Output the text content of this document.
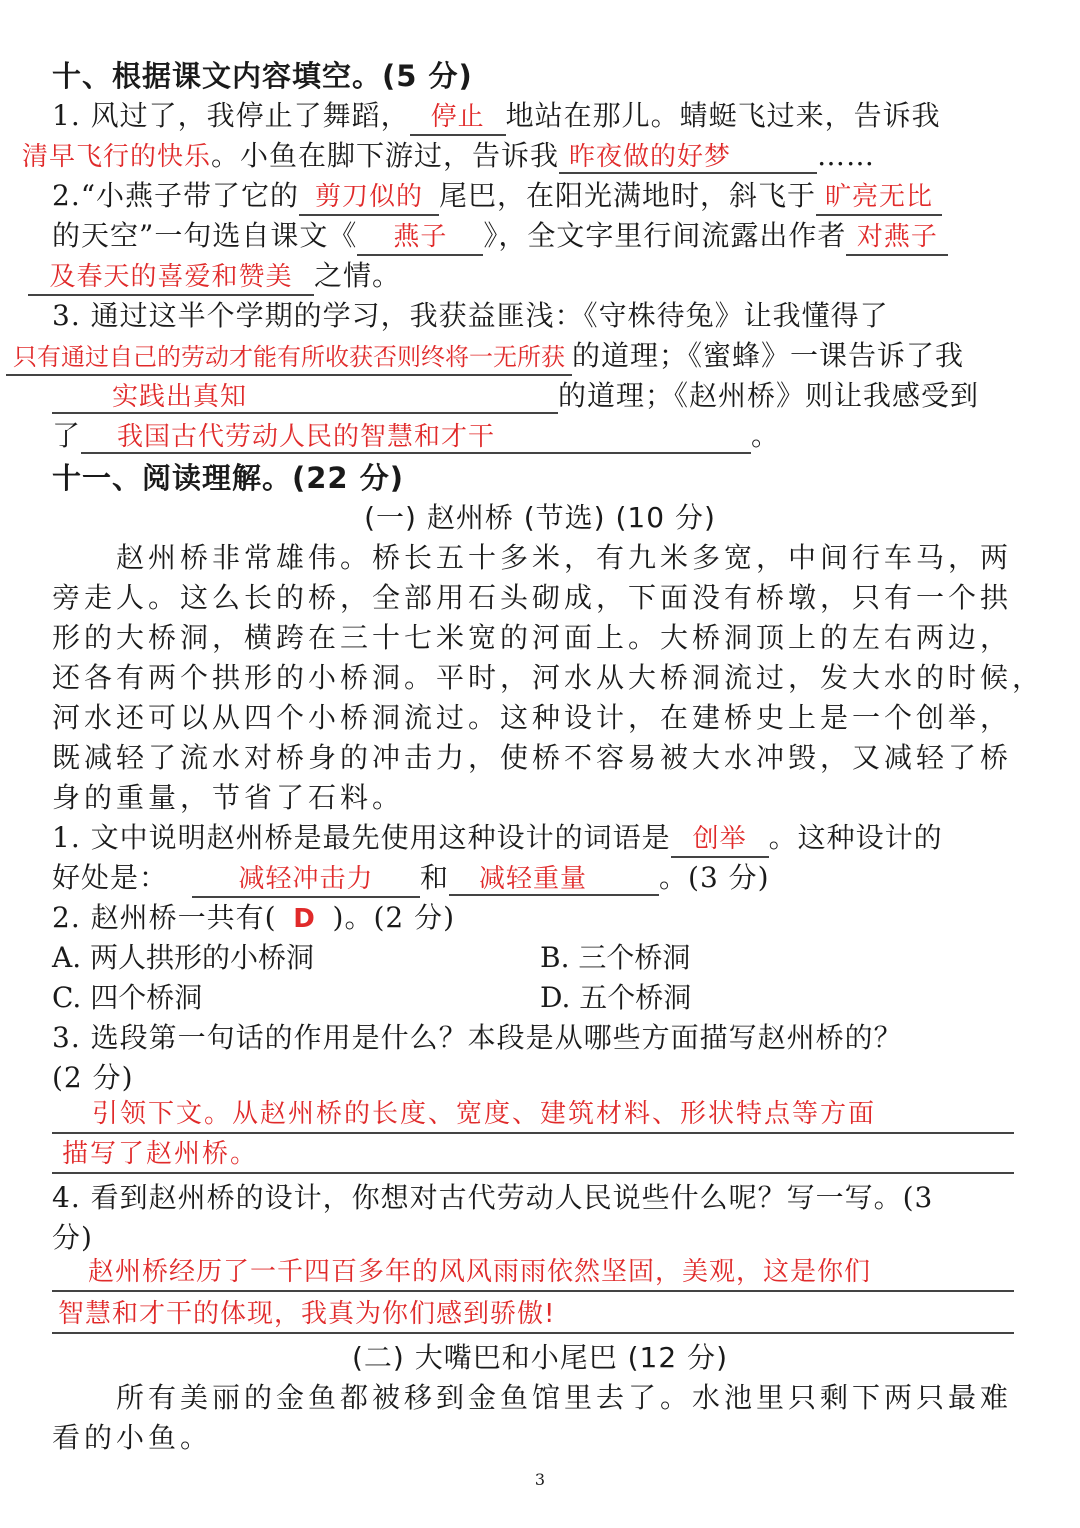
十、根据课文内容填空。(5 分)
1. 风过了，我停止了舞蹈， 停止 地站在那儿。蜻蜓飞过来，告诉我
清早飞行的快乐。小鱼在脚下游过，告诉我 昨夜做的好梦	……
2.“小燕子带了它的 剪刀似的 尾巴，在阳光满地时，斜飞于 旷亮无比
的天空”一句选自课文《 燕子 》，全文字里行间流露出作者 对燕子
及春天的喜爱和赞美 之情。
3. 通过这半个学期的学习，我获益匪浅：《守株待兔》让我懂得了
只有通过自己的劳动才能有所收获否则终将一无所获 的道理；《蜜蜂》一课告诉了我
实践出真知	的道理；《赵州桥》则让我感受到
了 我国古代劳动人民的智慧和才干	。
十一、阅读理解。(22 分)
(一) 赵州桥 (节选) (10 分)
赵州桥非常雄伟。桥长五十多米，有九米多宽，中间行车马，两
旁走人。这么长的桥，全部用石头砌成，下面没有桥墩，只有一个拱
形的大桥洞，横跨在三十七米宽的河面上。大桥洞顶上的左右两边，
还各有两个拱形的小桥洞。平时，河水从大桥洞流过，发大水的时候，
河水还可以从四个小桥洞流过。这种设计，在建桥史上是一个创举，
既减轻了流水对桥身的冲击力，使桥不容易被大水冲毁，又减轻了桥
身的重量，节省了石料。
1. 文中说明赵州桥是最先使用这种设计的词语是 创举 。这种设计的
好处是：	减轻冲击力 和 减轻重量	。(3 分)
2. 赵州桥一共有( D )。(2 分)
A. 两人拱形的小桥洞	B. 三个桥洞
C. 四个桥洞	D. 五个桥洞
3. 选段第一句话的作用是什么？本段是从哪些方面描写赵州桥的？
(2 分)
引领下文。从赵州桥的长度、宽度、建筑材料、形状特点等方面
描写了赵州桥。
4. 看到赵州桥的设计，你想对古代劳动人民说些什么呢？写一写。(3
分)
赵州桥经历了一千四百多年的风风雨雨依然坚固，美观，这是你们
智慧和才干的体现，我真为你们感到骄傲!
(二) 大嘴巴和小尾巴 (12 分)
所有美丽的金鱼都被移到金鱼馆里去了。水池里只剩下两只最难
看的小鱼。
3
